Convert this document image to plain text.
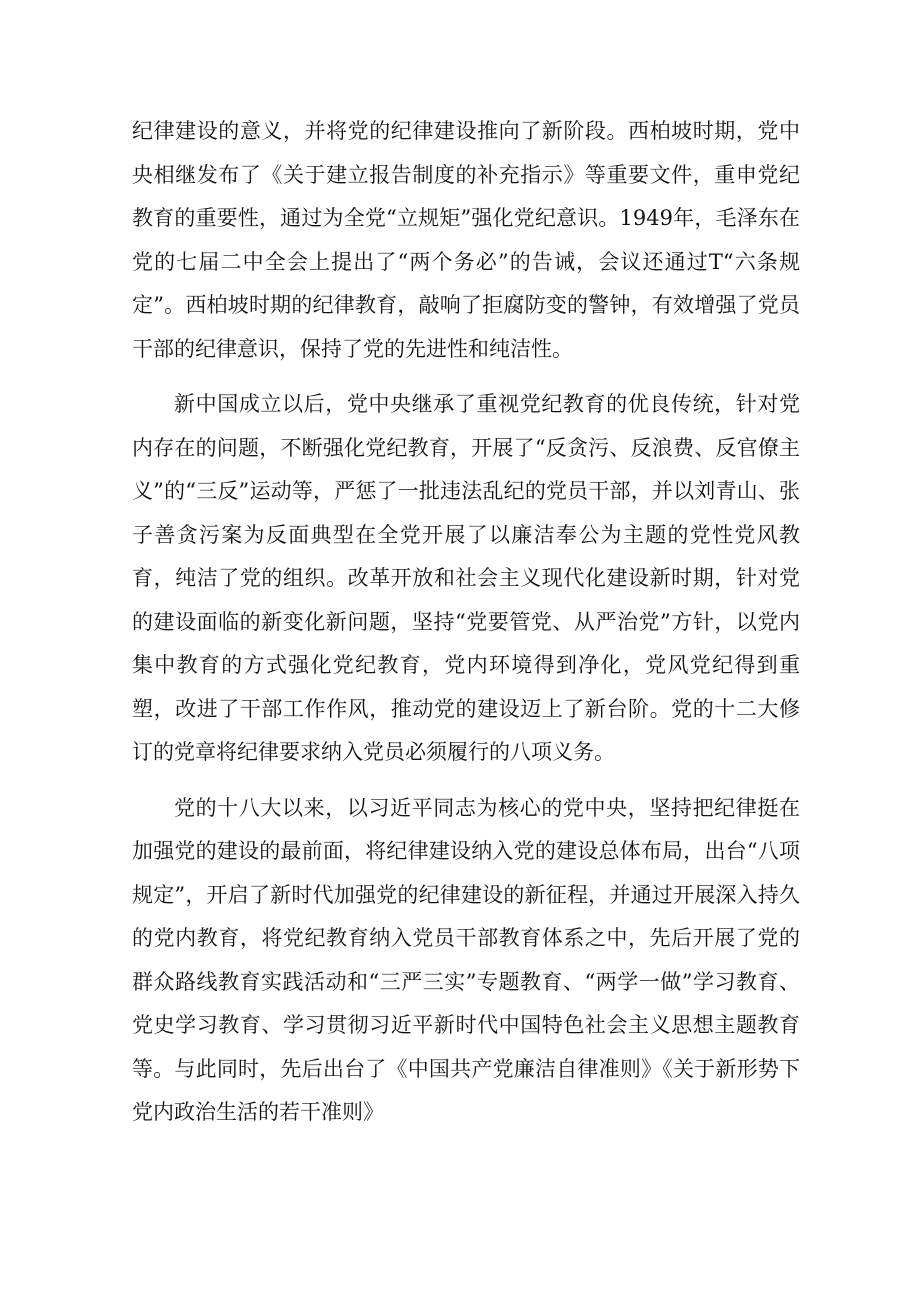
纪律建设的意义，并将党的纪律建设推向了新阶段。西柏坡时期，党中央相继发布了《关于建立报告制度的补充指示》等重要文件，重申党纪教育的重要性，通过为全党“立规矩”强化党纪意识。1949年，毛泽东在党的七届二中全会上提出了“两个务必”的告诫，会议还通过T“六条规定”。西柏坡时期的纪律教育，敲响了拒腐防变的警钟，有效增强了党员干部的纪律意识，保持了党的先进性和纯洁性。

新中国成立以后，党中央继承了重视党纪教育的优良传统，针对党内存在的问题，不断强化党纪教育，开展了“反贪污、反浪费、反官僚主义”的“三反”运动等，严惩了一批违法乱纪的党员干部，并以刘青山、张子善贪污案为反面典型在全党开展了以廉洁奉公为主题的党性党风教育，纯洁了党的组织。改革开放和社会主义现代化建设新时期，针对党的建设面临的新变化新问题，坚持“党要管党、从严治党”方针，以党内集中教育的方式强化党纪教育，党内环境得到净化，党风党纪得到重塑，改进了干部工作作风，推动党的建设迈上了新台阶。党的十二大修订的党章将纪律要求纳入党员必须履行的八项义务。

党的十八大以来，以习近平同志为核心的党中央，坚持把纪律挺在加强党的建设的最前面，将纪律建设纳入党的建设总体布局，出台“八项规定”，开启了新时代加强党的纪律建设的新征程，并通过开展深入持久的党内教育，将党纪教育纳入党员干部教育体系之中，先后开展了党的群众路线教育实践活动和“三严三实”专题教育、“两学一做”学习教育、党史学习教育、学习贯彻习近平新时代中国特色社会主义思想主题教育等。与此同时，先后出台了《中国共产党廉洁自律准则》《关于新形势下党内政治生活的若干准则》
